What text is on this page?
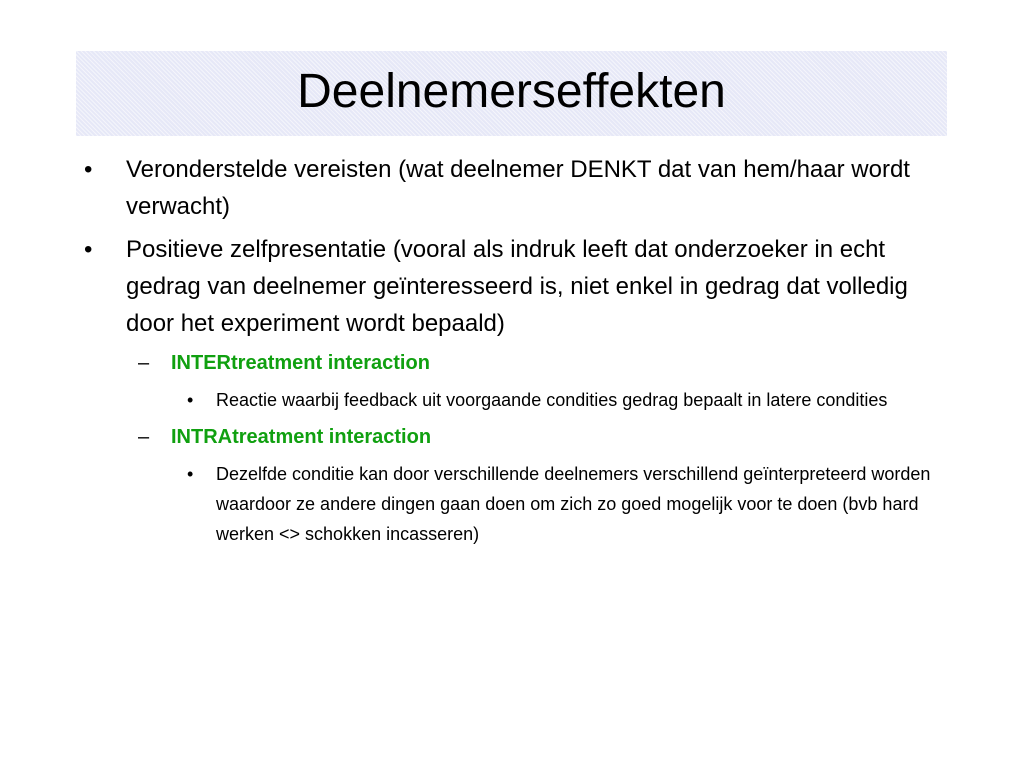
Deelnemerseffekten
• Veronderstelde vereisten (wat deelnemer DENKT dat van hem/haar wordt verwacht)
• Positieve zelfpresentatie (vooral als indruk leeft dat onderzoeker in echt gedrag van deelnemer geïnteresseerd is, niet enkel in gedrag dat volledig door het experiment wordt bepaald)
– INTERtreatment interaction
• Reactie waarbij feedback uit voorgaande condities gedrag bepaalt in latere condities
– INTRAtreatment interaction
• Dezelfde conditie kan door verschillende deelnemers verschillend geïnterpreteerd worden waardoor ze andere dingen gaan doen om zich zo goed mogelijk voor te doen (bvb hard werken <> schokken incasseren)
